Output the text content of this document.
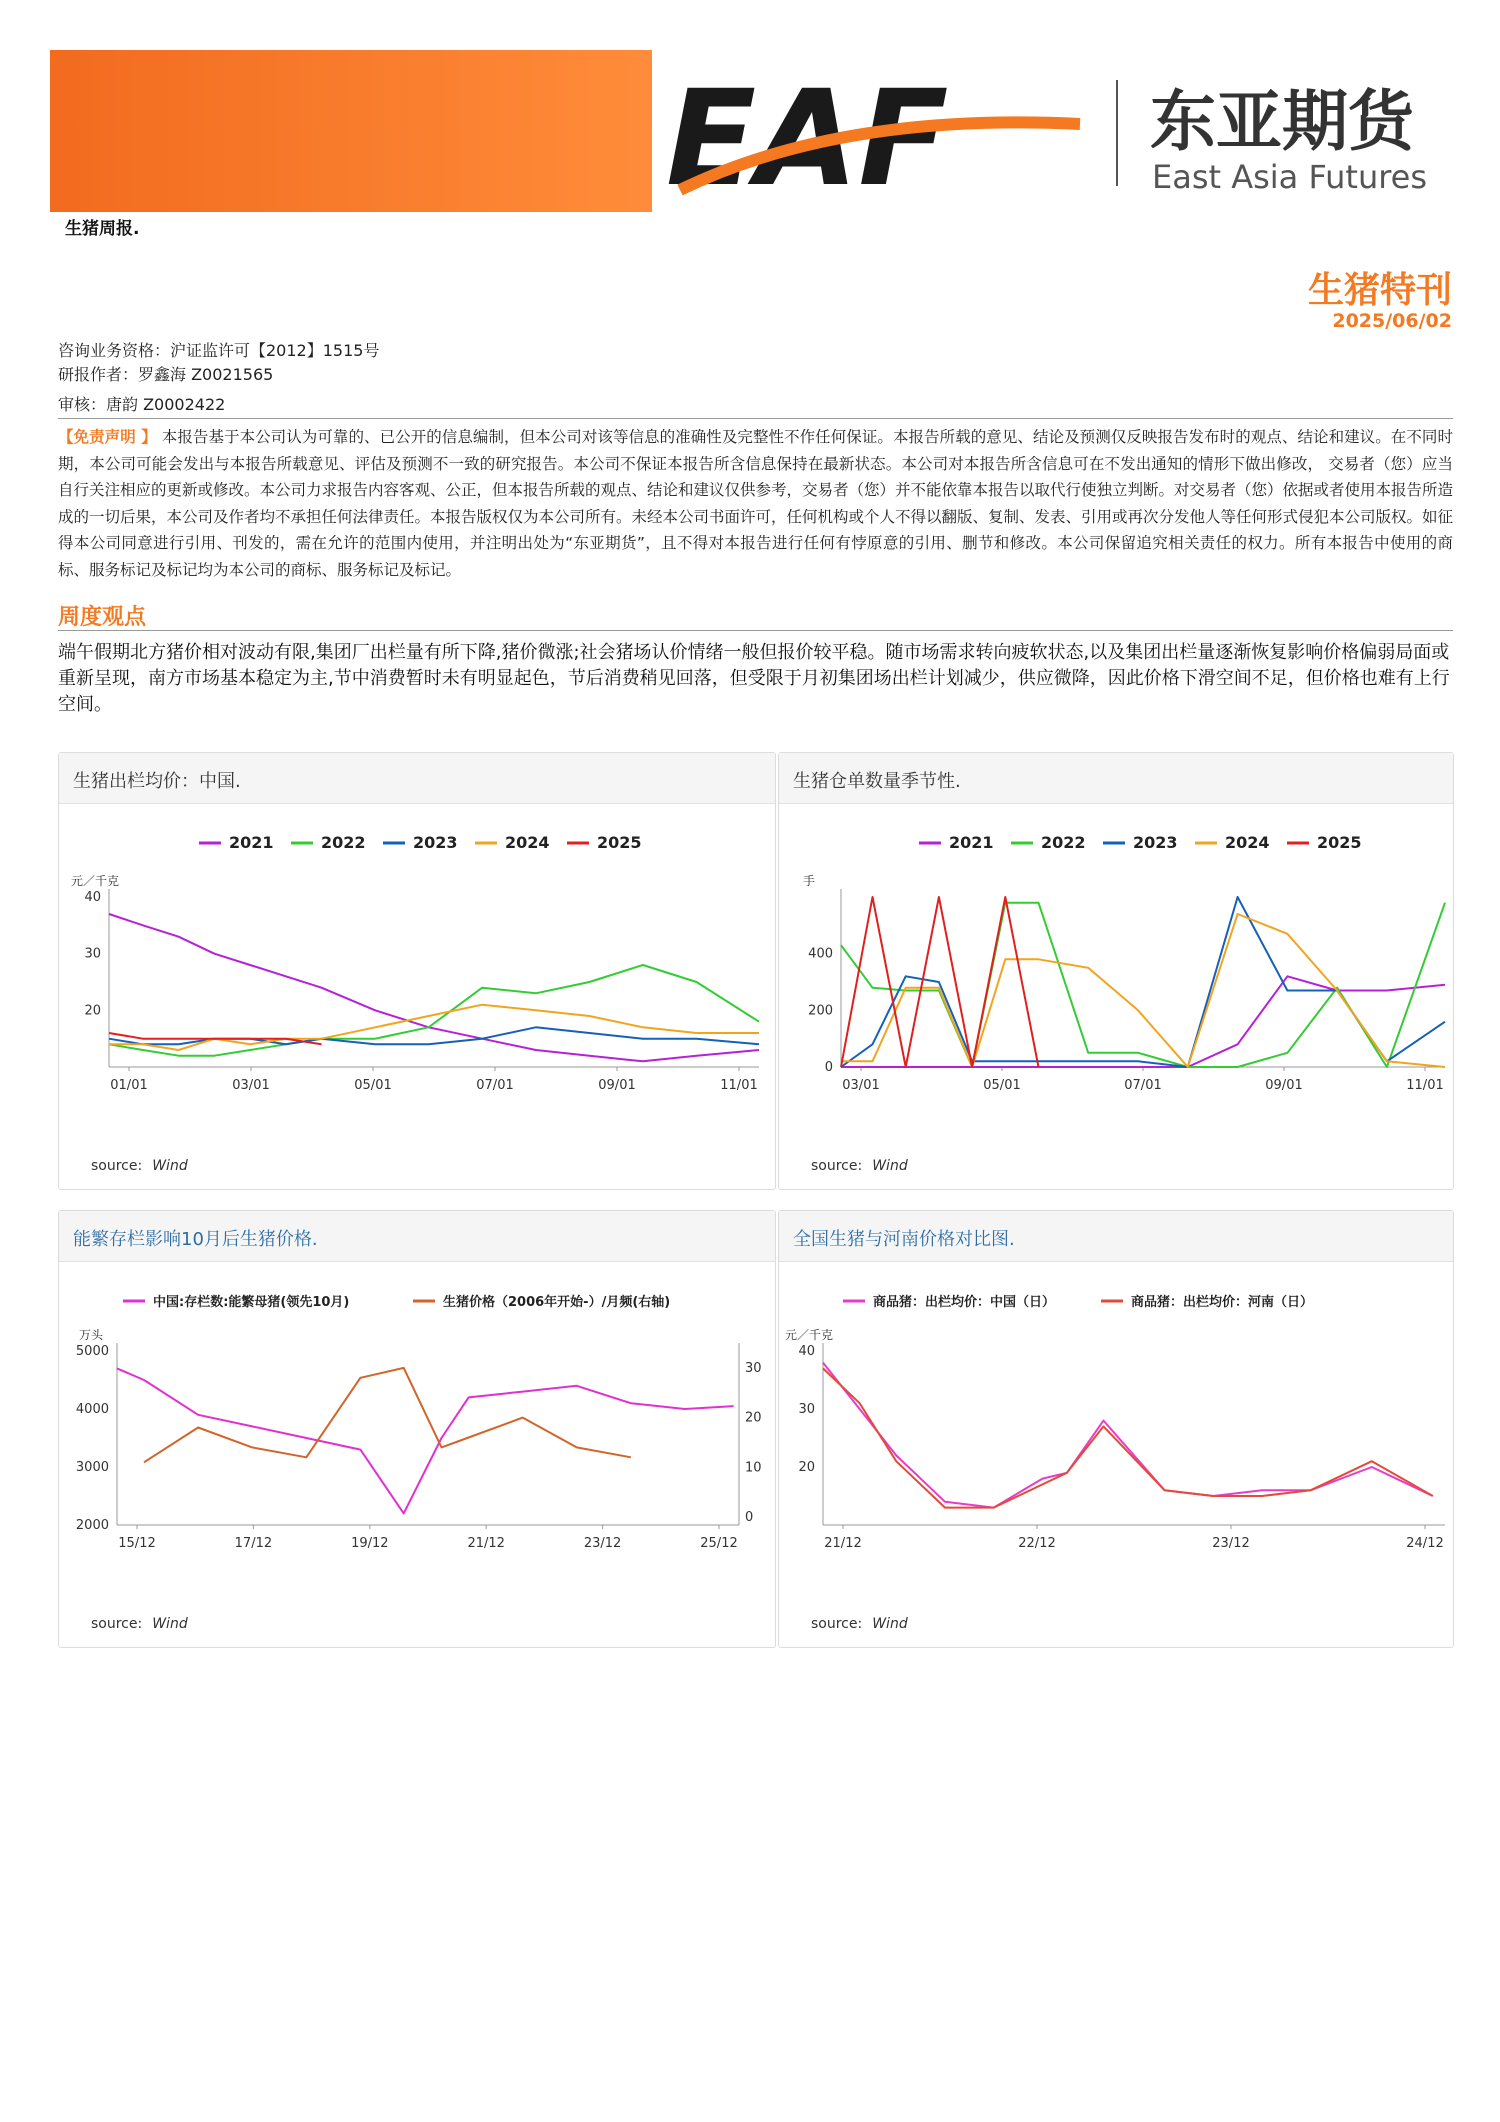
EAF	东亚期货
East Asia Futures
生猪周报.
生猪特刊
2025/06/02
咨询业务资格：沪证监许可【2012】1515号
研报作者：罗鑫海 Z0021565
审核：唐韵 Z0002422
【免责声明 】 本报告基于本公司认为可靠的、已公开的信息编制，但本公司对该等信息的准确性及完整性不作任何保证。本报告所载的意见、结论及预测仅反映报告发布时的观点、结论和建议。在不同时期，本公司可能会发出与本报告所载意见、评估及预测不一致的研究报告。本公司不保证本报告所含信息保持在最新状态。本公司对本报告所含信息可在不发出通知的情形下做出修改， 交易者（您）应当自行关注相应的更新或修改。本公司力求报告内容客观、公正，但本报告所载的观点、结论和建议仅供参考，交易者（您）并不能依靠本报告以取代行使独立判断。对交易者（您）依据或者使用本报告所造成的一切后果，本公司及作者均不承担任何法律责任。本报告版权仅为本公司所有。未经本公司书面许可，任何机构或个人不得以翻版、复制、发表、引用或再次分发他人等任何形式侵犯本公司版权。如征得本公司同意进行引用、刊发的，需在允许的范围内使用，并注明出处为“东亚期货”，且不得对本报告进行任何有悖原意的引用、删节和修改。本公司保留追究相关责任的权力。所有本报告中使用的商标、服务标记及标记均为本公司的商标、服务标记及标记。
周度观点
端午假期北方猪价相对波动有限,集团厂出栏量有所下降,猪价微涨;社会猪场认价情绪一般但报价较平稳。随市场需求转向疲软状态,以及集团出栏量逐渐恢复影响价格偏弱局面或重新呈现，南方市场基本稳定为主,节中消费暂时未有明显起色，节后消费稍见回落，但受限于月初集团场出栏计划减少，供应微降，因此价格下滑空间不足，但价格也难有上行空间。
生猪出栏均价：中国.
元／千克
40
30
20
01/01	03/01	05/01	07/01	09/01	11/01
2021	2022	2023	2024	2025
source: Wind
生猪仓单数量季节性.
手
400
200
0
03/01	05/01	07/01	09/01	11/01
2021	2022	2023	2024	2025
source: Wind
能繁存栏影响10月后生猪价格.
万头
5000
4000
3000
2000
30
20
10
0
15/12	17/12	19/12	21/12	23/12	25/12
中国:存栏数:能繁母猪(领先10月)	生猪价格（2006年开始-）/月频(右轴)
source: Wind
全国生猪与河南价格对比图.
元／千克
40
30
20
21/12	22/12	23/12	24/12
商品猪：出栏均价：中国（日）	商品猪：出栏均价：河南（日）
source: Wind
